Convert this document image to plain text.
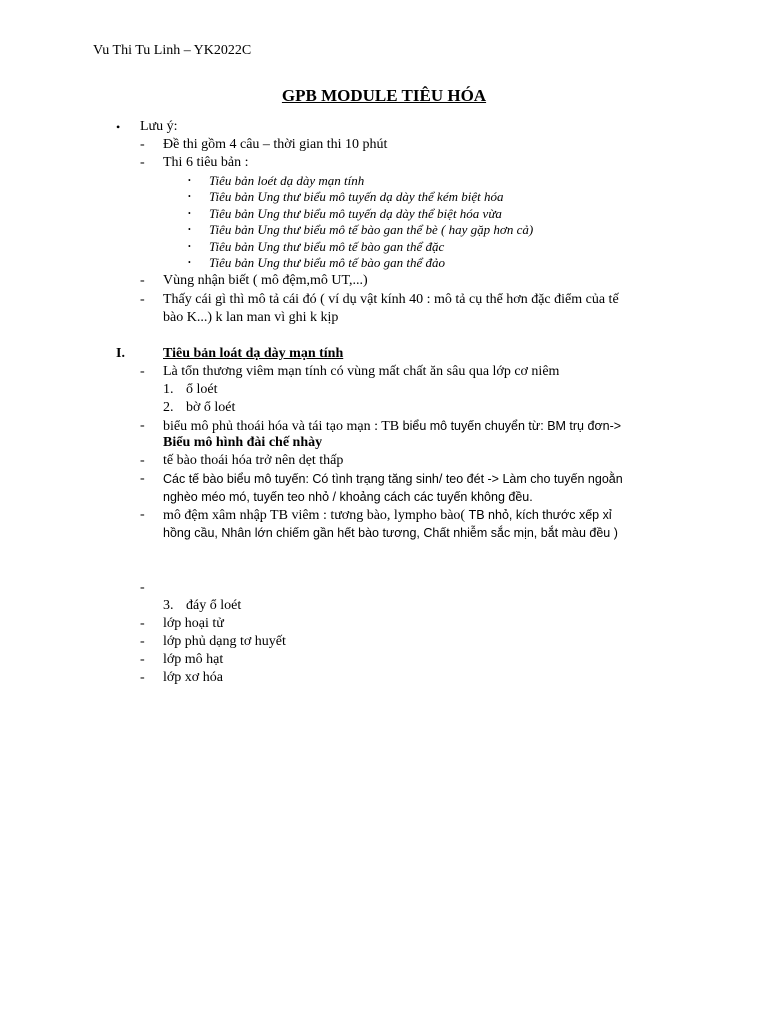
Vu Thi Tu Linh – YK2022C
GPB MODULE TIÊU HÓA
• Lưu ý:
- Đề thi gồm 4 câu – thời gian thi 10 phút
- Thi 6 tiêu bản :
• Tiêu bản loét dạ dày mạn tính
• Tiêu bản Ung thư biểu mô tuyến dạ dày thể kém biệt hóa
• Tiêu bản Ung thư biểu mô tuyến dạ dày thể biệt hóa vừa
• Tiêu bản Ung thư biểu mô tế bào gan thể bè ( hay gặp hơn cả)
• Tiêu bản Ung thư biểu mô tế bào gan thể đặc
• Tiêu bản Ung thư biểu mô tế bào gan thể đảo
- Vùng nhận biết ( mô đệm,mô UT,...)
- Thấy cái gì thì mô tả cái đó ( ví dụ vật kính 40 : mô tả cụ thể hơn đặc điểm của tế
bào K...) k lan man vì ghi k kịp
I.	Tiêu bản loát dạ dày mạn tính
- Là tổn thương viêm mạn tính có vùng mất chất ăn sâu qua lớp cơ niêm
1. ổ loét
2. bờ ổ loét
- biểu mô phủ thoái hóa và tái tạo mạn : TB biểu mô tuyến chuyển từ: BM trụ đơn->
Biểu mô hình đài chế nhày
- tế bào thoái hóa trở nên dẹt thấp
- Các tế bào biểu mô tuyến: Có tình trạng tăng sinh/ teo đét -> Làm cho tuyến ngoằn
nghèo méo mó, tuyến teo nhỏ / khoảng cách các tuyến không đều.
- mô đệm xâm nhập TB viêm : tương bào, lympho bào( TB nhỏ, kích thước xếp xỉ
hồng cầu, Nhân lớn chiếm gần hết bào tương, Chất nhiễm sắc mịn, bắt màu đều )
-
3. đáy ổ loét
- lớp hoại tử
- lớp phủ dạng tơ huyết
- lớp mô hạt
- lớp xơ hóa
